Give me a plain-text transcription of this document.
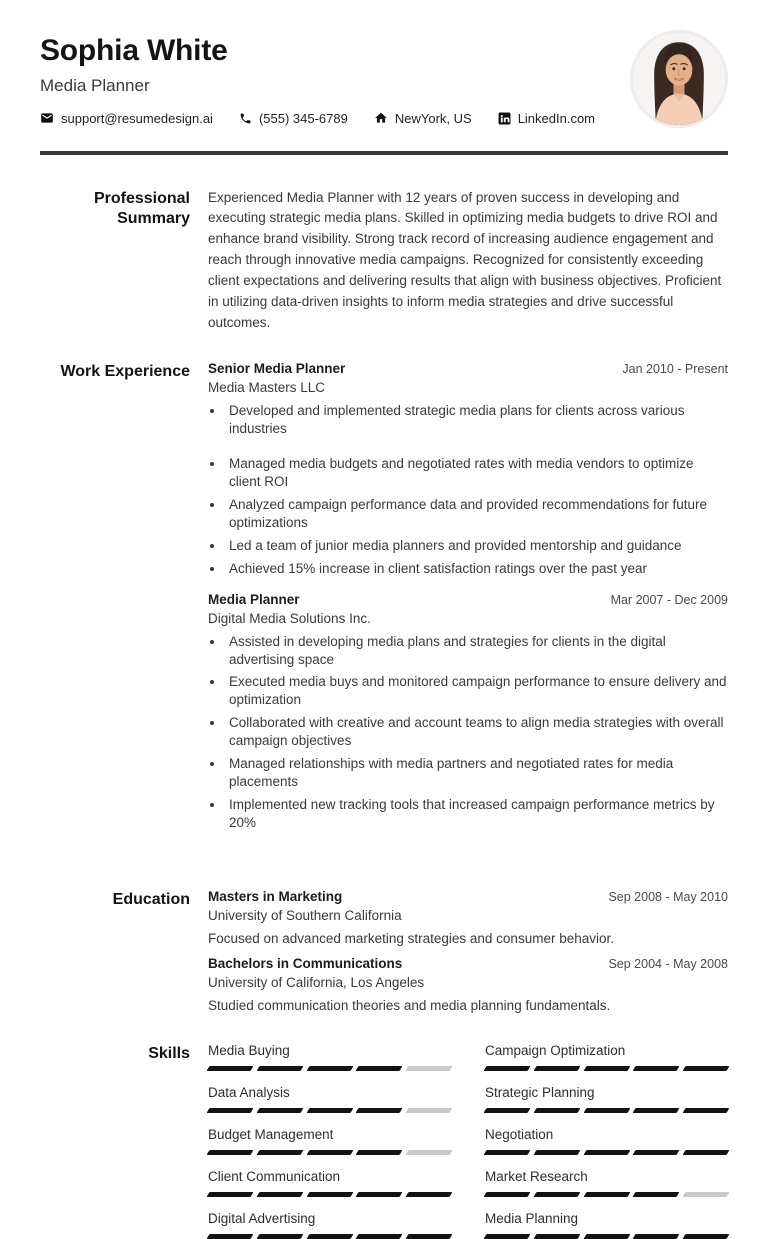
Sophia White
Media Planner
support@resumedesign.ai	(555) 345-6789	NewYork, US	LinkedIn.com
Professional Summary
Experienced Media Planner with 12 years of proven success in developing and executing strategic media plans. Skilled in optimizing media budgets to drive ROI and enhance brand visibility. Strong track record of increasing audience engagement and reach through innovative media campaigns. Recognized for consistently exceeding client expectations and delivering results that align with business objectives. Proficient in utilizing data-driven insights to inform media strategies and drive successful outcomes.
Work Experience Senior Media Planner	Jan 2010 - Present
Media Masters LLC
• Developed and implemented strategic media plans for clients across various industries
• Managed media budgets and negotiated rates with media vendors to optimize client ROI
• Analyzed campaign performance data and provided recommendations for future optimizations
• Led a team of junior media planners and provided mentorship and guidance
• Achieved 15% increase in client satisfaction ratings over the past year
Media Planner	Mar 2007 - Dec 2009
Digital Media Solutions Inc.
• Assisted in developing media plans and strategies for clients in the digital advertising space
• Executed media buys and monitored campaign performance to ensure delivery and optimization
• Collaborated with creative and account teams to align media strategies with overall campaign objectives
• Managed relationships with media partners and negotiated rates for media placements
• Implemented new tracking tools that increased campaign performance metrics by 20%
Education Masters in Marketing	Sep 2008 - May 2010
University of Southern California
Focused on advanced marketing strategies and consumer behavior.
Bachelors in Communications	Sep 2004 - May 2008
University of California, Los Angeles
Studied communication theories and media planning fundamentals.
Skills Media Buying
Data Analysis
Budget Management
Client Communication
Digital Advertising
Campaign Optimization
Strategic Planning
Negotiation
Market Research
Media Planning
